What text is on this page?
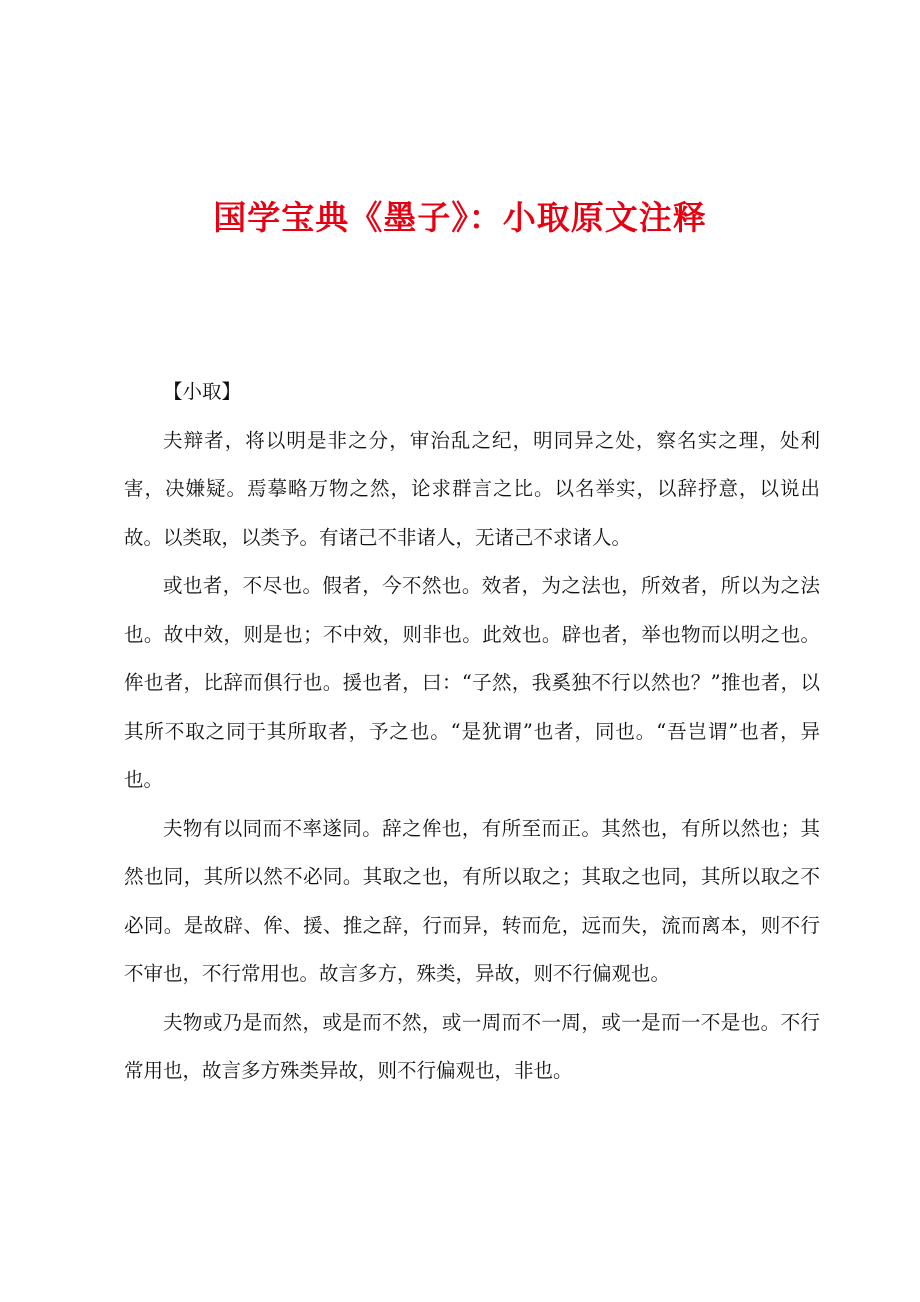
国学宝典《墨子》：小取原文注释

【小取】

夫辩者，将以明是非之分，审治乱之纪，明同异之处，察名实之理，处利害，决嫌疑。焉摹略万物之然，论求群言之比。以名举实，以辞抒意，以说出故。以类取，以类予。有诸己不非诸人，无诸己不求诸人。

或也者，不尽也。假者，今不然也。效者，为之法也，所效者，所以为之法也。故中效，则是也；不中效，则非也。此效也。辟也者，举也物而以明之也。侔也者，比辞而俱行也。援也者，曰：“子然，我奚独不行以然也？”推也者，以其所不取之同于其所取者，予之也。“是犹谓”也者，同也。“吾岂谓”也者，异也。

夫物有以同而不率遂同。辞之侔也，有所至而正。其然也，有所以然也；其然也同，其所以然不必同。其取之也，有所以取之；其取之也同，其所以取之不必同。是故辟、侔、援、推之辞，行而异，转而危，远而失，流而离本，则不行不审也，不行常用也。故言多方，殊类，异故，则不行偏观也。

夫物或乃是而然，或是而不然，或一周而不一周，或一是而一不是也。不行常用也，故言多方殊类异故，则不行偏观也，非也。
